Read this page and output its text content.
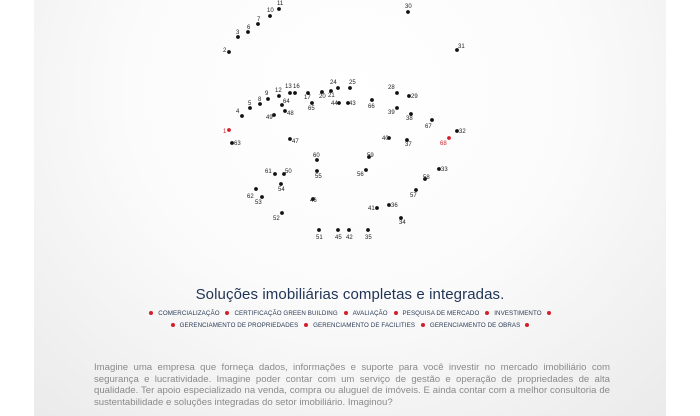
1
2
3
4
5
6
7
8
9
10
11
12
13 16
17 20 21
24 25
28
29
30
31
32
33
34
35
36
37
38
39
40
41
42
43
44
45
46
47
48
49
50
51
52
53
54
55	56
57
58
59
60
61
62
63
64
65	66
67
68
Soluções imobiliárias completas e integradas.
COMERCIALIZAÇÃO CERTIFICAÇÃO GREEN BUILDING AVALIAÇÃO PESQUISA DE MERCADO INVESTIMENTO
GERENCIAMENTO DE PROPRIEDADES GERENCIAMENTO DE FACILITIES GERENCIAMENTO DE OBRAS
Imagine uma empresa que forneça dados, informações e suporte para você investir no mercado imobiliário com segurança e lucratividade. Imagine poder contar com um serviço de gestão e operação de propriedades de alta qualidade. Ter apoio especializado na venda, compra ou aluguel de imóveis. E ainda contar com a melhor consultoria de sustentabilidade e soluções integradas do setor imobiliário. Imaginou?
